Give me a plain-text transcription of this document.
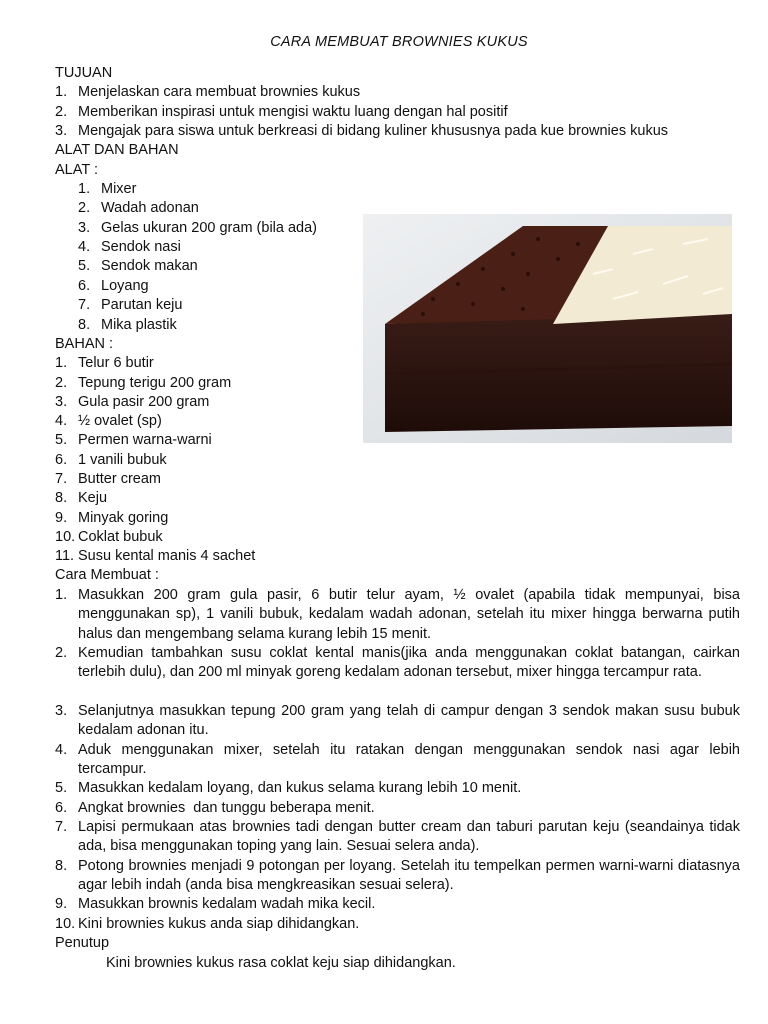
CARA MEMBUAT BROWNIES KUKUS
TUJUAN
1. Menjelaskan cara membuat brownies kukus
2. Memberikan inspirasi untuk mengisi waktu luang dengan hal positif
3. Mengajak para siswa untuk berkreasi di bidang kuliner khususnya pada kue brownies kukus
ALAT DAN BAHAN
ALAT :
1. Mixer
2. Wadah adonan
3. Gelas ukuran 200 gram (bila ada)
4. Sendok nasi
5. Sendok makan
6. Loyang
7. Parutan keju
8. Mika plastik
BAHAN :
1. Telur 6 butir
2. Tepung terigu 200 gram
3. Gula pasir 200 gram
4. ½ ovalet (sp)
5. Permen warna-warni
6. 1 vanili bubuk
7. Butter cream
8. Keju
9. Minyak goring
10. Coklat bubuk
11. Susu kental manis 4 sachet
Cara Membuat :
1. Masukkan 200 gram gula pasir, 6 butir telur ayam, ½ ovalet (apabila tidak mempunyai, bisa menggunakan sp), 1 vanili bubuk, kedalam wadah adonan, setelah itu mixer hingga berwarna putih halus dan mengembang selama kurang lebih 15 menit.
2. Kemudian tambahkan susu coklat kental manis(jika anda menggunakan coklat batangan, cairkan terlebih dulu), dan 200 ml minyak goreng kedalam adonan tersebut, mixer hingga tercampur rata.
3. Selanjutnya masukkan tepung 200 gram yang telah di campur dengan 3 sendok makan susu bubuk kedalam adonan itu.
4. Aduk menggunakan mixer, setelah itu ratakan dengan menggunakan sendok nasi agar lebih tercampur.
5. Masukkan kedalam loyang, dan kukus selama kurang lebih 10 menit.
6. Angkat brownies  dan tunggu beberapa menit.
7. Lapisi permukaan atas brownies tadi dengan butter cream dan taburi parutan keju (seandainya tidak ada, bisa menggunakan toping yang lain. Sesuai selera anda).
8. Potong brownies menjadi 9 potongan per loyang. Setelah itu tempelkan permen warni-warni diatasnya agar lebih indah (anda bisa mengkreasikan sesuai selera).
9. Masukkan brownis kedalam wadah mika kecil.
10. Kini brownies kukus anda siap dihidangkan.
Penutup
Kini brownies kukus rasa coklat keju siap dihidangkan.
